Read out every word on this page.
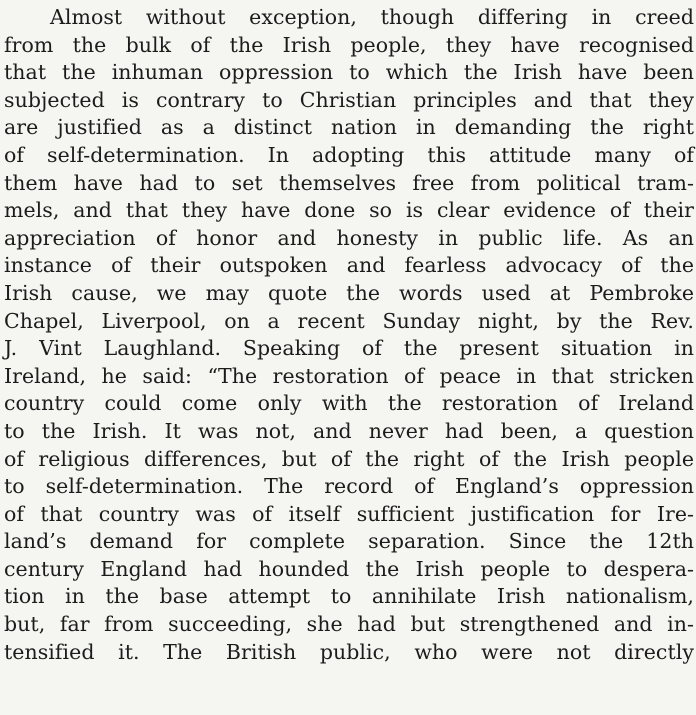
Almost without exception, though differing in creed
from the bulk of the Irish people, they have recognised
that the inhuman oppression to which the Irish have been
subjected is contrary to Christian principles and that they
are justified as a distinct nation in demanding the right
of self-determination. In adopting this attitude many of
them have had to set themselves free from political tram-
mels, and that they have done so is clear evidence of their
appreciation of honor and honesty in public life. As an
instance of their outspoken and fearless advocacy of the
Irish cause, we may quote the words used at Pembroke
Chapel, Liverpool, on a recent Sunday night, by the Rev.
J. Vint Laughland. Speaking of the present situation in
Ireland, he said: “The restoration of peace in that stricken
country could come only with the restoration of Ireland
to the Irish. It was not, and never had been, a question
of religious differences, but of the right of the Irish people
to self-determination. The record of England’s oppression
of that country was of itself sufficient justification for Ire-
land’s demand for complete separation. Since the 12th
century England had hounded the Irish people to despera-
tion in the base attempt to annihilate Irish nationalism,
but, far from succeeding, she had but strengthened and in-
tensified it. The British public, who were not directly
